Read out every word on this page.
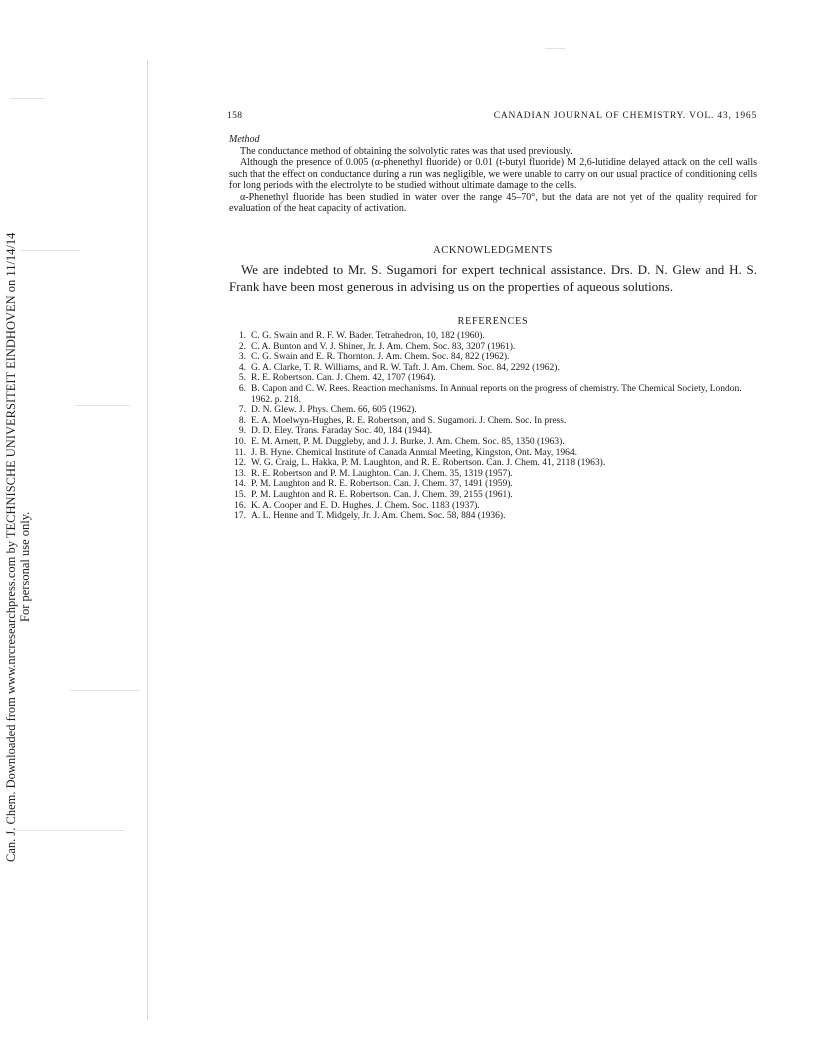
Can. J. Chem. Downloaded from www.nrcresearchpress.com by TECHNISCHE UNIVERSITEIT EINDHOVEN on 11/14/14 For personal use only.
158	CANADIAN JOURNAL OF CHEMISTRY. VOL. 43, 1965
Method

The conductance method of obtaining the solvolytic rates was that used previously.

Although the presence of 0.005 (α-phenethyl fluoride) or 0.01 (t-butyl fluoride) M 2,6-lutidine delayed attack on the cell walls such that the effect on conductance during a run was negligible, we were unable to carry on our usual practice of conditioning cells for long periods with the electrolyte to be studied without ultimate damage to the cells.

α-Phenethyl fluoride has been studied in water over the range 45–70°, but the data are not yet of the quality required for evaluation of the heat capacity of activation.

ACKNOWLEDGMENTS
We are indebted to Mr. S. Sugamori for expert technical assistance. Drs. D. N. Glew and H. S. Frank have been most generous in advising us on the properties of aqueous solutions.
REFERENCES
1. C. G. Swain and R. F. W. Bader. Tetrahedron, 10, 182 (1960).
2. C. A. Bunton and V. J. Shiner, Jr. J. Am. Chem. Soc. 83, 3207 (1961).
3. C. G. Swain and E. R. Thornton. J. Am. Chem. Soc. 84, 822 (1962).
4. G. A. Clarke, T. R. Williams, and R. W. Taft. J. Am. Chem. Soc. 84, 2292 (1962).
5. R. E. Robertson. Can. J. Chem. 42, 1707 (1964).
6. B. Capon and C. W. Rees. Reaction mechanisms. In Annual reports on the progress of chemistry. The Chemical Society, London. 1962. p. 218.
7. D. N. Glew. J. Phys. Chem. 66, 605 (1962).
8. E. A. Moelwyn-Hughes, R. E. Robertson, and S. Sugamori. J. Chem. Soc. In press.
9. D. D. Eley. Trans. Faraday Soc. 40, 184 (1944).
10. E. M. Arnett, P. M. Duggleby, and J. J. Burke. J. Am. Chem. Soc. 85, 1350 (1963).
11. J. B. Hyne. Chemical Institute of Canada Annual Meeting, Kingston, Ont. May, 1964.
12. W. G. Craig, L. Hakka, P. M. Laughton, and R. E. Robertson. Can. J. Chem. 41, 2118 (1963).
13. R. E. Robertson and P. M. Laughton. Can. J. Chem. 35, 1319 (1957).
14. P. M. Laughton and R. E. Robertson. Can. J. Chem. 37, 1491 (1959).
15. P. M. Laughton and R. E. Robertson. Can. J. Chem. 39, 2155 (1961).
16. K. A. Cooper and E. D. Hughes. J. Chem. Soc. 1183 (1937).
17. A. L. Henne and T. Midgely, Jr. J. Am. Chem. Soc. 58, 884 (1936).
